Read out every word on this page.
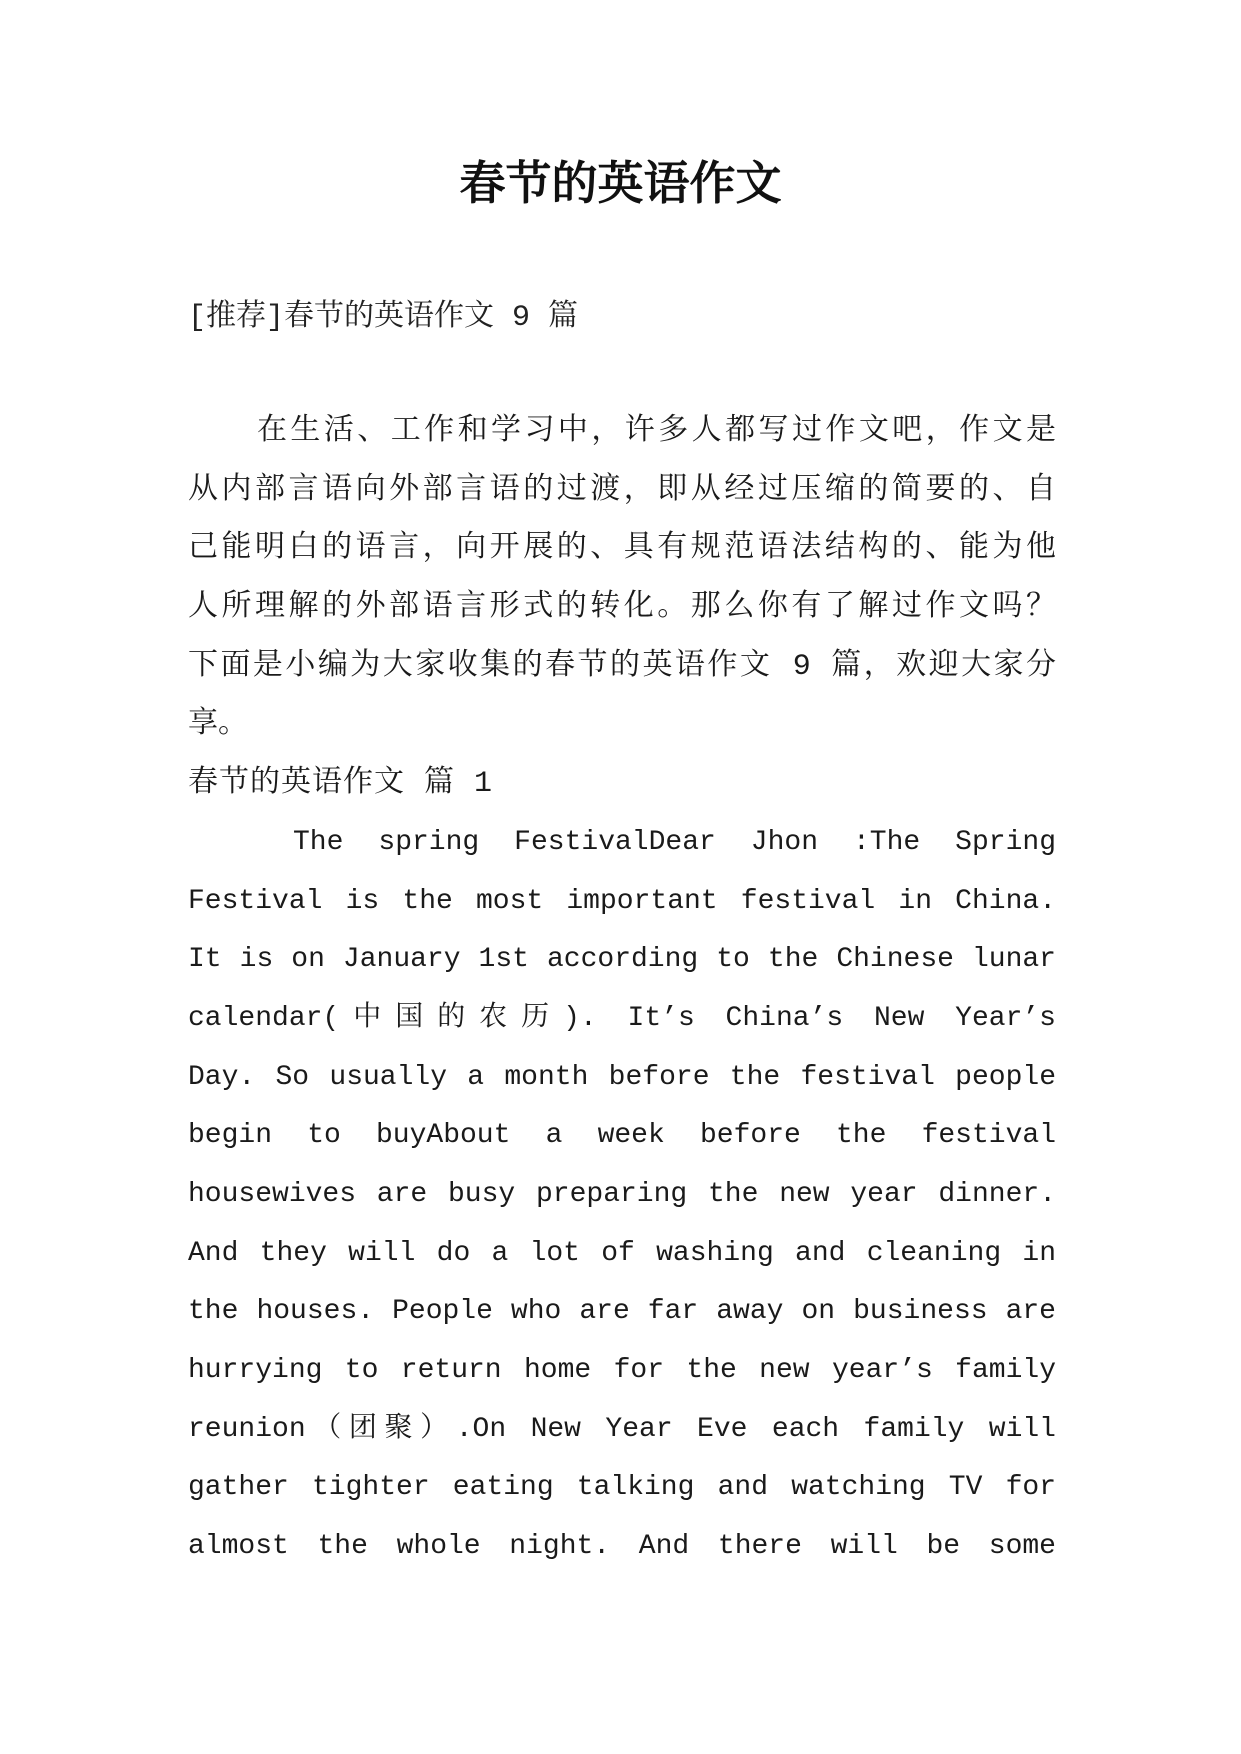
春节的英语作文
[推荐]春节的英语作文 9 篇
在生活、工作和学习中，许多人都写过作文吧，作文是
从内部言语向外部言语的过渡，即从经过压缩的简要的、自
己能明白的语言，向开展的、具有规范语法结构的、能为他
人所理解的外部语言形式的转化。那么你有了解过作文吗？
下面是小编为大家收集的春节的英语作文 9 篇，欢迎大家分
享。
春节的英语作文 篇 1
The spring FestivalDear Jhon :The Spring
Festival is the most important festival in China.
It is on January 1st according to the Chinese lunar
calendar(中国的农历). It’s China’s New Year’s
Day. So usually a month before the festival people
begin to buyAbout a week before the festival
housewives are busy preparing the new year dinner.
And they will do a lot of washing and cleaning in
the houses. People who are far away on business are
hurrying to return home for the new year’s family
reunion（团聚）.On New Year Eve each family will
gather tighter eating talking and watching TV for
almost the whole night. And there will be some
